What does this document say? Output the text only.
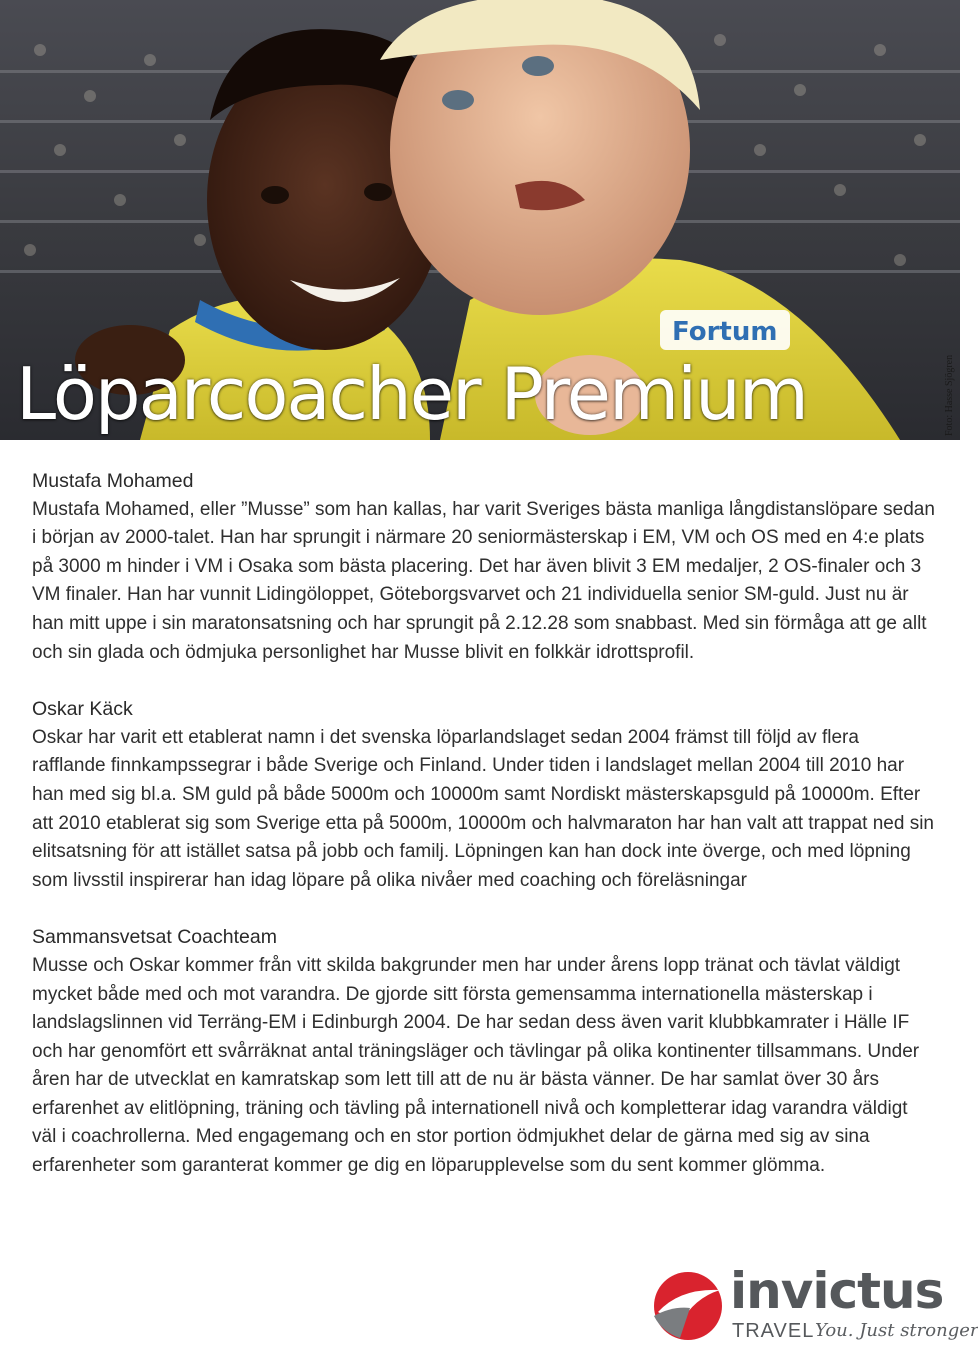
Fortum
Löparcoacher Premium	Foto: Hasse Sjögren
Mustafa Mohamed

Mustafa Mohamed, eller ”Musse” som han kallas, har varit Sveriges bästa manliga långdistanslöpare sedan i början av 2000-talet. Han har sprungit i närmare 20 seniormästerskap i EM, VM och OS med en 4:e plats på 3000 m hinder i VM i Osaka som bästa placering. Det har även blivit 3 EM medaljer, 2 OS-finaler och 3 VM finaler. Han har vunnit Lidingöloppet, Göteborgsvarvet och 21 individuella senior SM-guld. Just nu är han mitt uppe i sin maratonsatsning och har sprungit på 2.12.28 som snabbast. Med sin förmåga att ge allt och sin glada och ödmjuka personlighet har Musse blivit en folkkär idrottsprofil.

Oskar Käck

Oskar har varit ett etablerat namn i det svenska löparlandslaget sedan 2004 främst till följd av flera rafflande finnkampssegrar i både Sverige och Finland. Under tiden i landslaget mellan 2004 till 2010 har han med sig bl.a. SM guld på både 5000m och 10000m samt Nordiskt mästerskapsguld på 10000m. Efter att 2010 etablerat sig som Sverige etta på 5000m, 10000m och halvmaraton har han valt att trappat ned sin elitsatsning för att istället satsa på jobb och familj. Löpningen kan han dock inte överge, och med löpning som livsstil inspirerar han idag löpare på olika nivåer med coaching och föreläsningar

Sammansvetsat Coachteam

Musse och Oskar kommer från vitt skilda bakgrunder men har under årens lopp tränat och tävlat väldigt mycket både med och mot varandra. De gjorde sitt första gemensamma internationella mästerskap i landslagslinnen vid Terräng-EM i Edinburgh 2004. De har sedan dess även varit klubbkamrater i Hälle IF och har genomfört ett svårräknat antal träningsläger och tävlingar på olika kontinenter tillsammans. Under åren har de utvecklat en kamratskap som lett till att de nu är bästa vänner. De har samlat över 30 års erfarenhet av elitlöpning, träning och tävling på internationell nivå och kompletterar idag varandra väldigt väl i coachrollerna. Med engagemang och en stor portion ödmjukhet delar de gärna med sig av sina erfarenheter som garanterat kommer ge dig en löparupplevelse som du sent kommer glömma.

invictus
TRAVEL You. Just stronger
